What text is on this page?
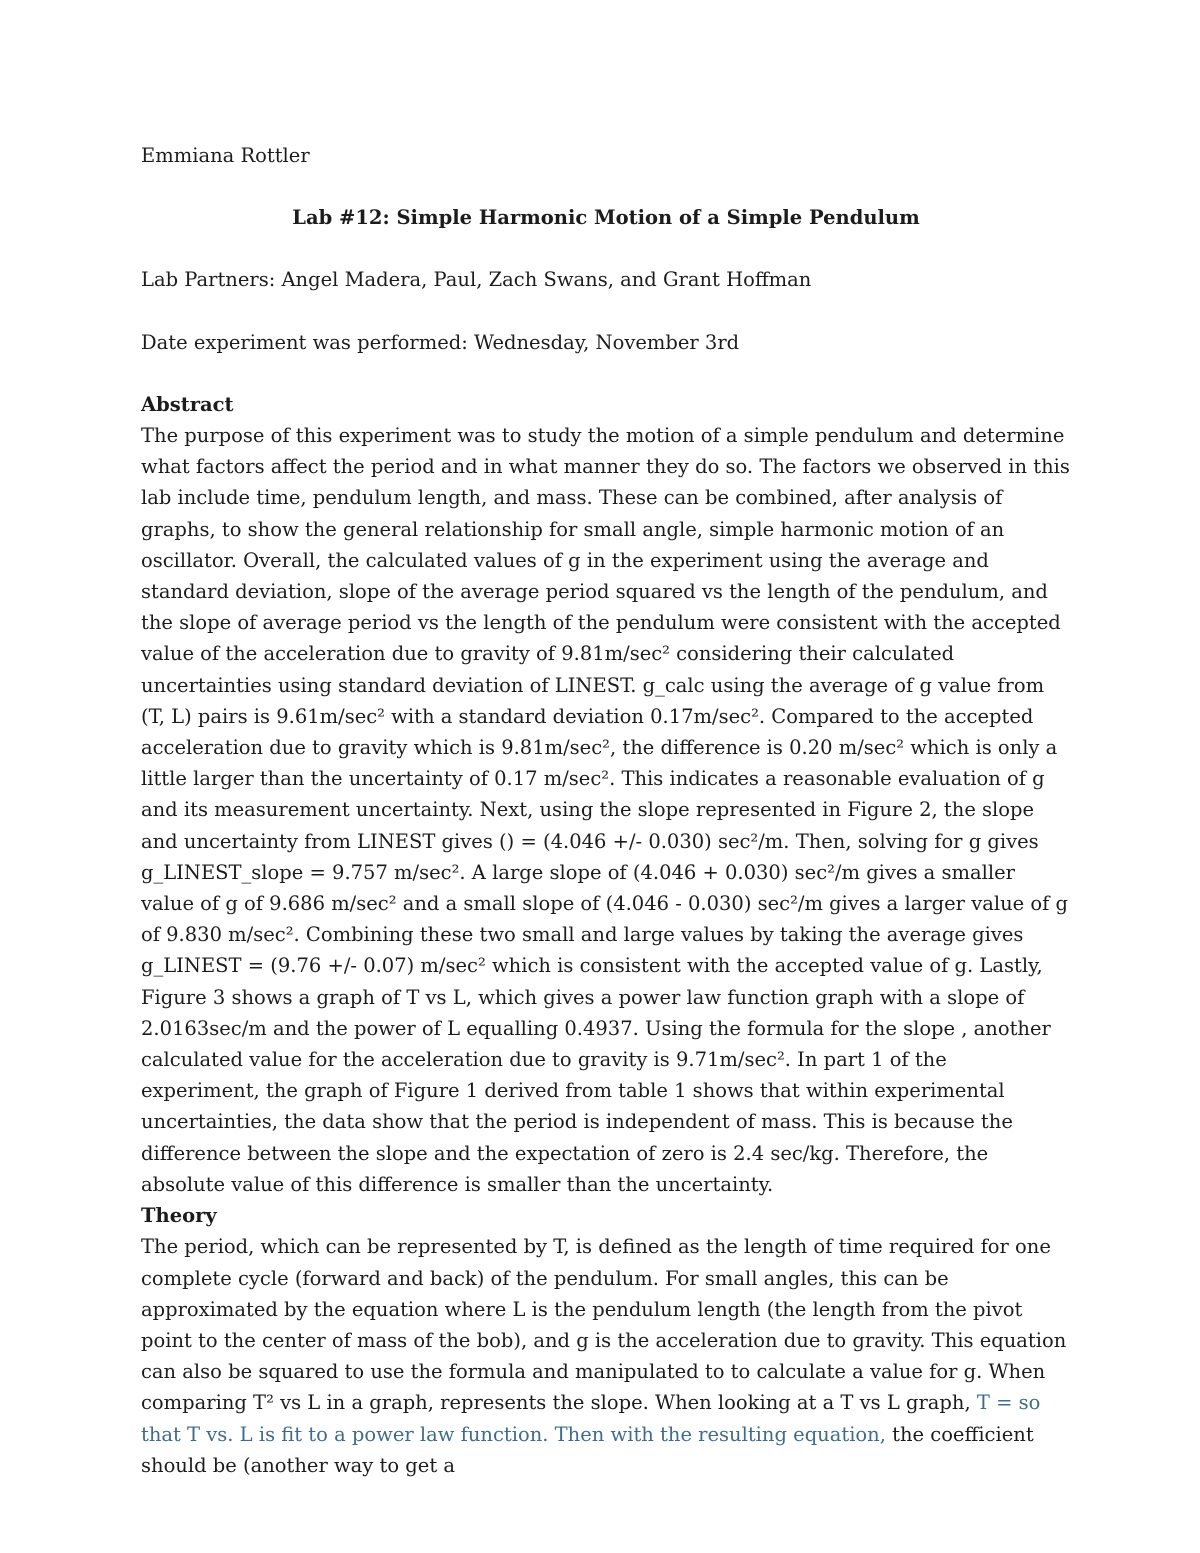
Emmiana Rottler

Lab #12: Simple Harmonic Motion of a Simple Pendulum

Lab Partners: Angel Madera, Paul, Zach Swans, and Grant Hoffman

Date experiment was performed: Wednesday, November 3rd

Abstract

The purpose of this experiment was to study the motion of a simple pendulum and determine what factors affect the period and in what manner they do so. The factors we observed in this lab include time, pendulum length, and mass. These can be combined, after analysis of graphs, to show the general relationship for small angle, simple harmonic motion of an oscillator. Overall, the calculated values of g in the experiment using the average and standard deviation, slope of the average period squared vs the length of the pendulum, and the slope of average period vs the length of the pendulum were consistent with the accepted value of the acceleration due to gravity of 9.81m/sec² considering their calculated uncertainties using standard deviation of LINEST. g_calc using the average of g value from (T, L) pairs is 9.61m/sec² with a standard deviation 0.17m/sec². Compared to the accepted acceleration due to gravity which is 9.81m/sec², the difference is 0.20 m/sec² which is only a little larger than the uncertainty of 0.17 m/sec². This indicates a reasonable evaluation of g and its measurement uncertainty. Next, using the slope represented in Figure 2, the slope and uncertainty from LINEST gives () = (4.046 +/- 0.030) sec²/m. Then, solving for g gives g_LINEST_slope = 9.757 m/sec². A large slope of (4.046 + 0.030) sec²/m gives a smaller value of g of 9.686 m/sec² and a small slope of (4.046 - 0.030) sec²/m gives a larger value of g of 9.830 m/sec². Combining these two small and large values by taking the average gives g_LINEST = (9.76 +/- 0.07) m/sec² which is consistent with the accepted value of g. Lastly, Figure 3 shows a graph of T vs L, which gives a power law function graph with a slope of 2.0163sec/m and the power of L equalling 0.4937. Using the formula for the slope , another calculated value for the acceleration due to gravity is 9.71m/sec². In part 1 of the experiment, the graph of Figure 1 derived from table 1 shows that within experimental uncertainties, the data show that the period is independent of mass. This is because the difference between the slope and the expectation of zero is 2.4 sec/kg. Therefore, the absolute value of this difference is smaller than the uncertainty.

Theory

The period, which can be represented by T, is defined as the length of time required for one complete cycle (forward and back) of the pendulum. For small angles, this can be approximated by the equation where L is the pendulum length (the length from the pivot point to the center of mass of the bob), and g is the acceleration due to gravity. This equation can also be squared to use the formula and manipulated to to calculate a value for g. When comparing T² vs L in a graph, represents the slope. When looking at a T vs L graph, T = so that T vs. L is fit to a power law function. Then with the resulting equation, the coefficient should be (another way to get a
